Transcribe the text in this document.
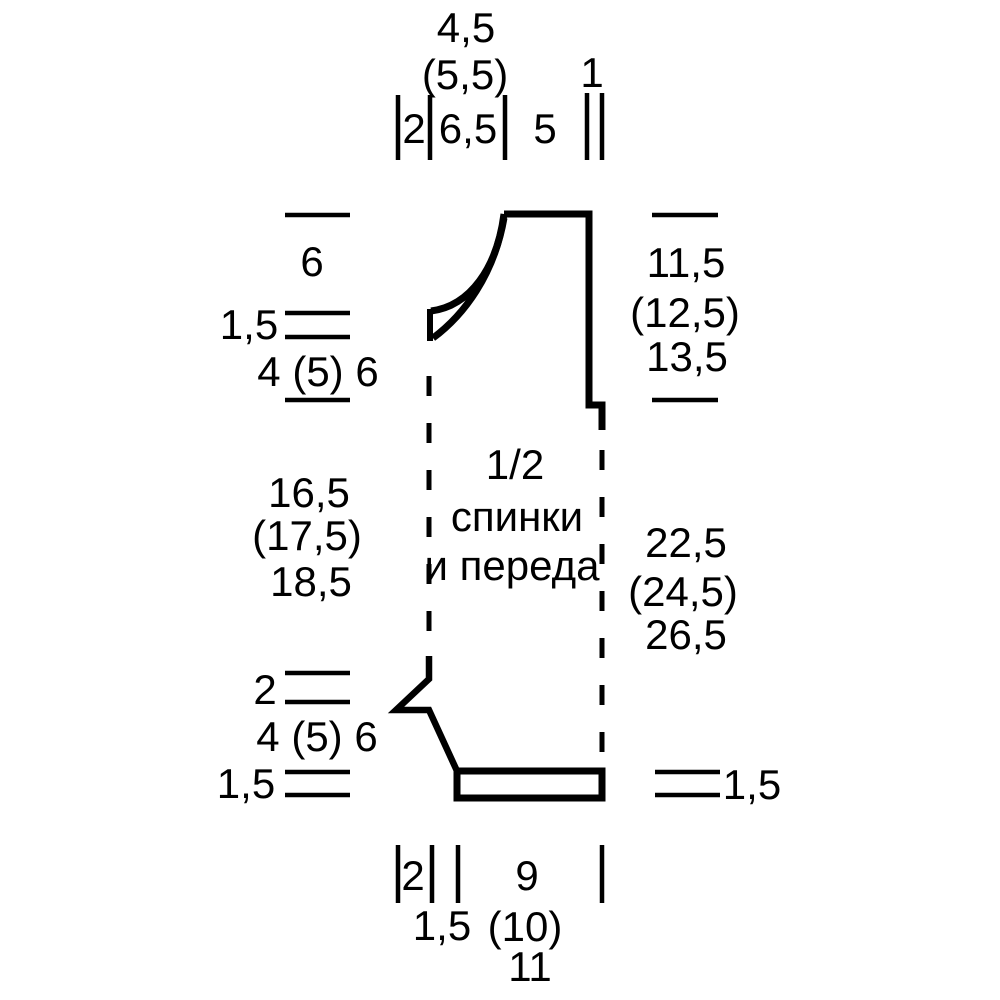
4,5
(5,5) 1
2 6,5 5
6
1,5
4 (5) 6
16,5
(17,5)
18,5
2
4 (5) 6
1,5
11,5
(12,5)
13,5
22,5
(24,5)
26,5
1,5
2 9
1,5 (10)
11
1/2
спинки
и переда
